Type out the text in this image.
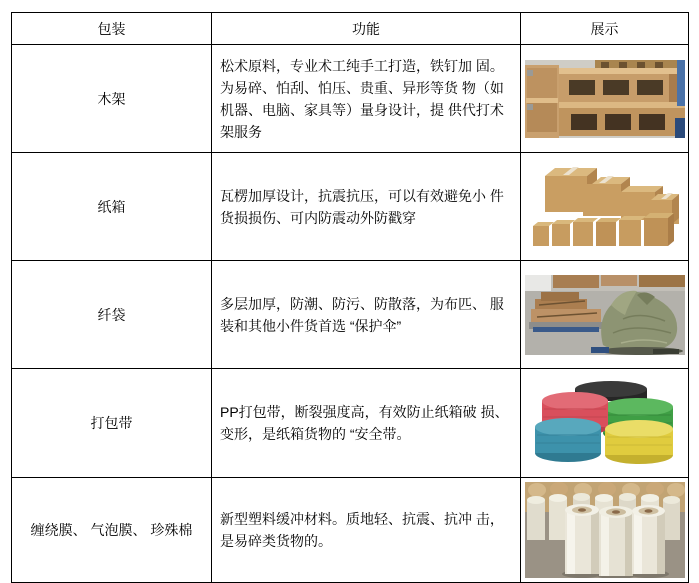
包装	功能	展示
木架	松术原料，专业术工纯手工打造，铁钉加 固。为易碎、怕刮、怕压、贵重、异形等货 物（如机器、电脑、家具等）量身设计，提 供代打术架服务	

纸箱	瓦楞加厚设计，抗震抗压，可以有效避免小 件货损损伤、可内防震动外防戳穿	

纤袋	多层加厚，防潮、防污、防散落，为布匹、 服装和其他小件货首选 “保护伞”	

打包带	PP打包带，断裂强度高，有效防止纸箱破 损、变形，是纸箱货物的 “安全带。	

缠绕膜、 气泡膜、 珍殊棉	新型塑料缓冲材料。质地轻、抗震、抗冲 击，是易碎类货物的。	
